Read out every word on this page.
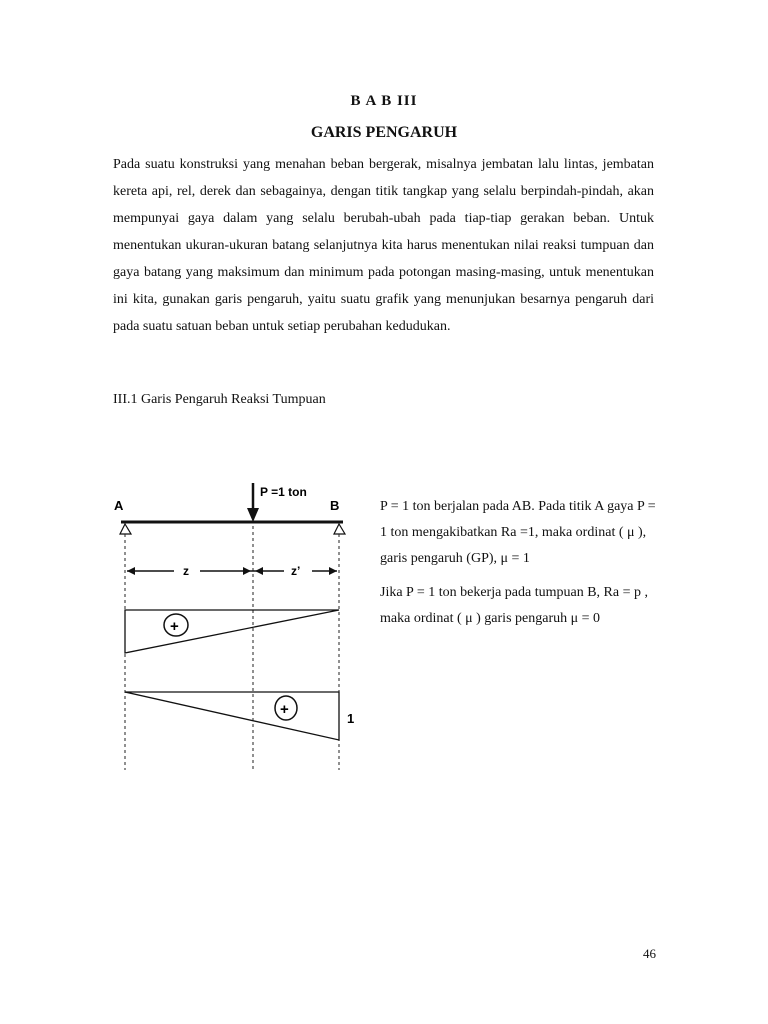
B A B III
GARIS PENGARUH

Pada suatu konstruksi yang menahan beban bergerak, misalnya jembatan lalu lintas, jembatan kereta api, rel, derek dan sebagainya, dengan titik tangkap yang selalu berpindah-pindah, akan mempunyai gaya dalam yang selalu berubah-ubah pada tiap-tiap gerakan beban. Untuk menentukan ukuran-ukuran batang selanjutnya kita harus menentukan nilai reaksi tumpuan dan gaya batang yang maksimum dan minimum pada potongan masing-masing, untuk menentukan ini kita, gunakan garis pengaruh, yaitu suatu grafik yang menunjukan besarnya pengaruh dari pada suatu satuan beban untuk setiap perubahan kedudukan.

III.1 Garis Pengaruh Reaksi Tumpuan

P =1 ton
A	B
z	z’
+
+
1

P = 1 ton berjalan pada AB. Pada titik A gaya P = 1 ton mengakibatkan Ra =1, maka ordinat ( μ ), garis pengaruh (GP), μ = 1

Jika P = 1 ton bekerja pada tumpuan B, Ra = p , maka ordinat ( μ ) garis pengaruh μ = 0

46
